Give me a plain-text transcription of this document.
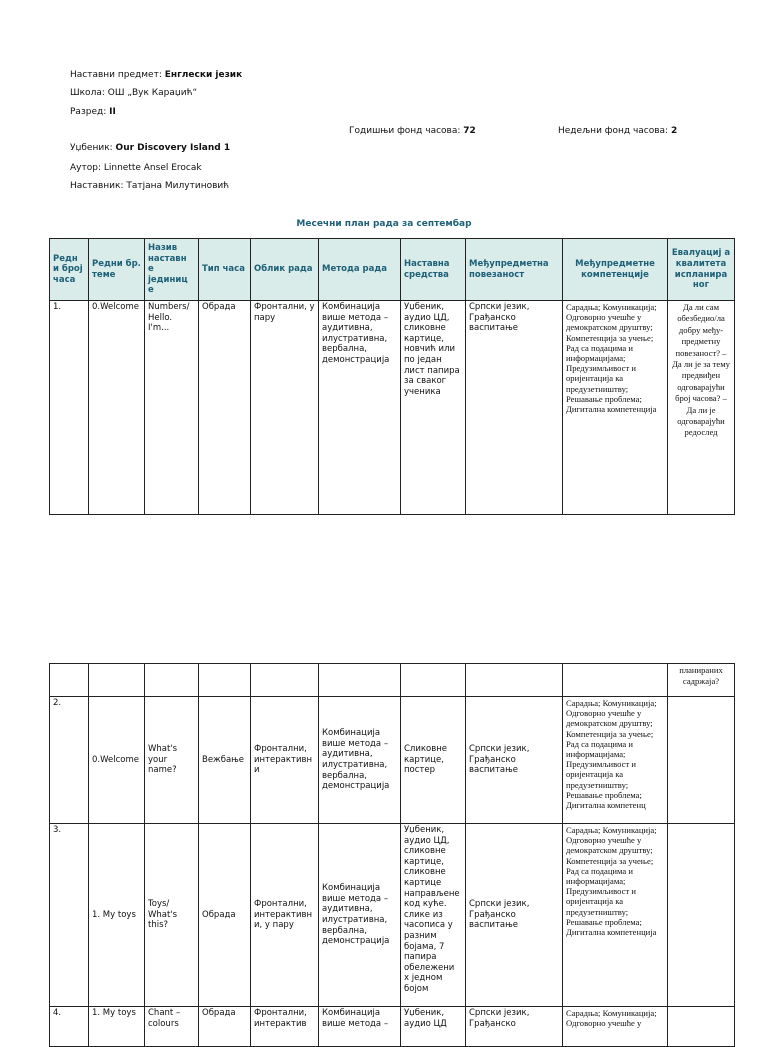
Наставни предмет: Енглески језик
Школа: ОШ „Вук Караџић“
Разред: II
Годишњи фонд часова: 72	Недељни фонд часова: 2
Уџбеник: Our Discovery Island 1
Аутор: Linnette Ansel Erocak
Наставник: Татјана Милутиновић
Месечни план рада за септембар
Редн и број часа	Редни бр. теме	Назив наставн е јединиц е	Тип часа	Облик рада	Метода рада	Наставна средства	Међупредметна повезаност	Међупредметне компетенције	Евалуациј а квалитета испланира ног
1.	0.Welcome	Numbers/ Hello. I'm...	Обрада	Фронтални, у пару	Комбинација више метода – аудитивна, илустративна, вербална, демонстрација	Уџбеник, аудио ЦД, сликовне картице, новчић или по један лист папира за сваког ученика	Српски језик, Грађанско васпитање	Сарадња; Комуникација; Одговорно учешће у демократском друштву; Компетенција за учење; Рад са подацима и информацијама; Предузимљивост и оријентација ка предузетништву; Решавање проблема; Дигитална компетенција	Да ли сам обезбедио/ла добру међу-предметну повезаност? – Да ли је за тему предвиђен одговарајући број часова? – Да ли је одговарајући редослед
									планираних садржаја?
2.	0.Welcome	What's your name?	Вежбање	Фронтални, интерактивни	Комбинација више метода – аудитивна, илустративна, вербална, демонстрација	Сликовне картице, постер	Српски језик, Грађанско васпитање	Сарадња; Комуникација; Одговорно учешће у демократском друштву; Компетенција за учење; Рад са подацима и информацијама; Предузимљивост и оријентација ка предузетништву; Решавање проблема; Дигитална компетенц	
3.	1. My toys	Toys/ What's this?	Обрада	Фронтални, интерактивни, у пару	Комбинација више метода – аудитивна, илустративна, вербална, демонстрација	Уџбеник, аудио ЦД, сликовне картице, сликовне картице направљене код куће. слике из часописа у разним бојама, 7 папира обележени х једном бојом	Српски језик, Грађанско васпитање	Сарадња; Комуникација; Одговорно учешће у демократском друштву; Компетенција за учење; Рад са подацима и информацијама; Предузимљивост и оријентација ка предузетништву; Решавање проблема; Дигитална компетенција	
4.	1. My toys	Chant – colours	Обрада	Фронтални, интерактив	Комбинација више метода –	Уџбеник, аудио ЦД	Српски језик, Грађанско	Сарадња; Комуникација; Одговорно учешће у	
